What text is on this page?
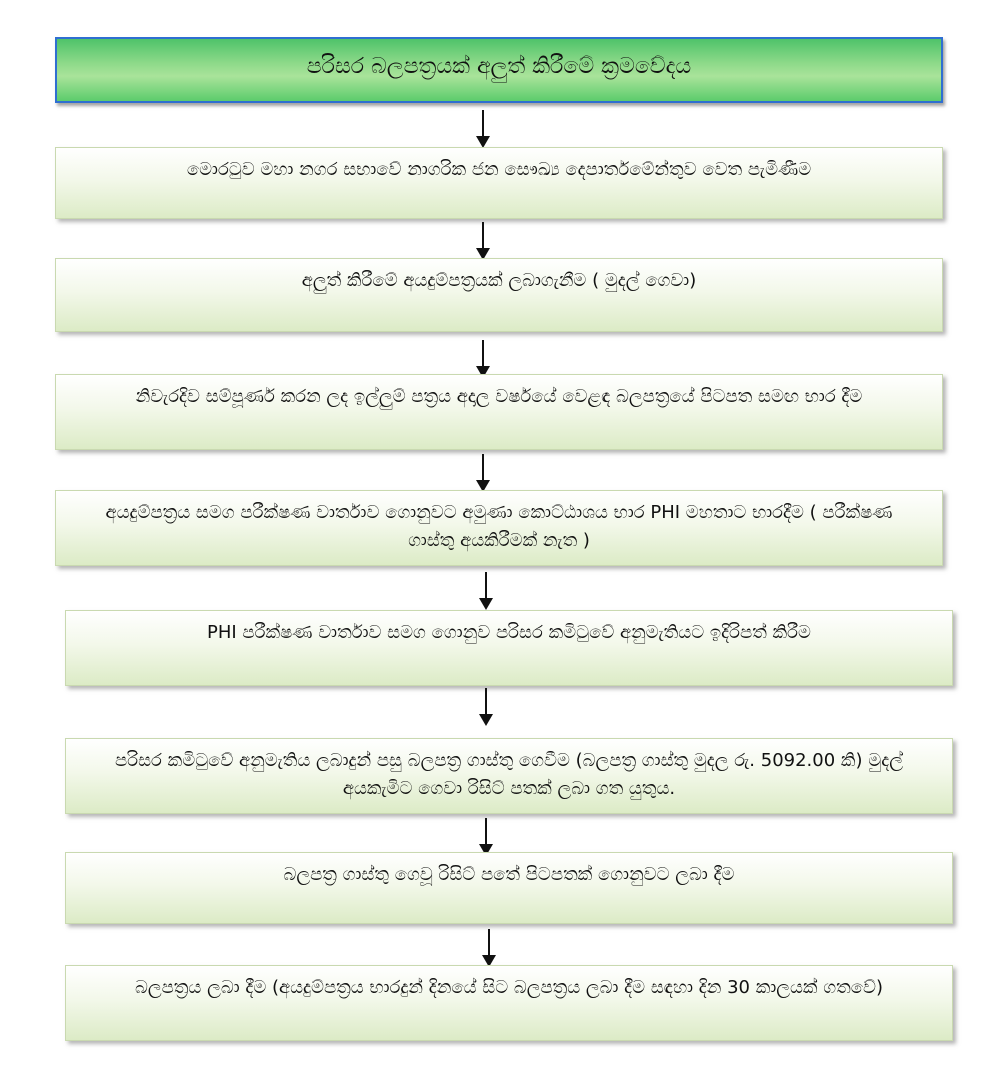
පරිසර බලපත්‍රයක් අලුත් කිරීමේ ක්‍රමවේදය
මොරටුව මහා නගර සභාවේ නාගරික ජන සෞඛ්‍ය දෙපාර්තමේන්තුව වෙත පැමිණීම
අලුත් කිරීමේ අයදුම්පත්‍රයක් ලබාගැනීම ( මුදල් ගෙවා)
නිවැරදිව සම්පූර්ණ කරන ලද ඉල්ලුම් පත්‍රය අදාල වර්ෂයේ වෙළඳ බලපත්‍රයේ පිටපත සමඟ භාර දීම
අයදුම්පත්‍රය සමග පරීක්ෂණ වාර්තාව ගොනුවට අමුණා කොට්ඨාශය භාර PHI මහතාට භාරදීම ( පරීක්ෂණ ගාස්තු අයකිරීමක් නැත )
PHI පරීක්ෂණ වාර්තාව සමග ගොනුව පරිසර කමිටුවේ අනුමැතියට ඉදිරිපත් කිරීම
පරිසර කමිටුවේ අනුමැතිය ලබාදුන් පසු බලපත්‍ර ගාස්තු ගෙවීම (බලපත්‍ර ගාස්තු මුදල රු. 5092.00 කි) මුදල් අයකැමිට ගෙවා රිසිට් පතක් ලබා ගත යුතුය.
බලපත්‍ර ගාස්තු ගෙවූ රිසිට් පතේ පිටපතක් ගොනුවට ලබා දීම
බලපත්‍රය ලබා දීම (අයදුම්පත්‍රය භාරදුන් දිනයේ සිට බලපත්‍රය ලබා දීම සඳහා දින 30 කාලයක් ගතවේ)
